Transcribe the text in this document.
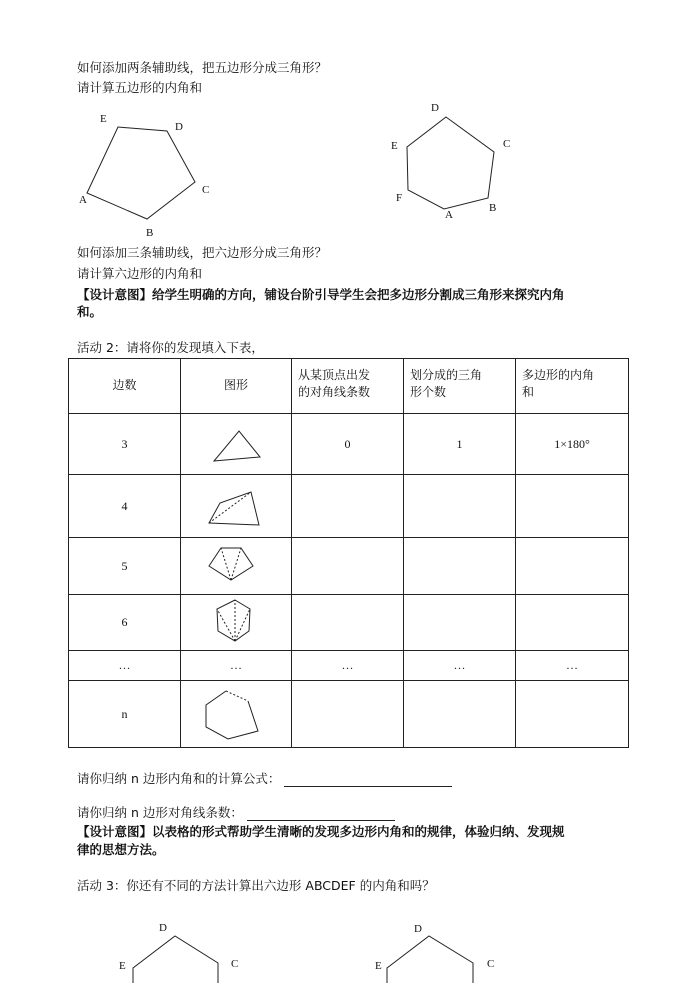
如何添加两条辅助线，把五边形分成三角形？
请计算五边形的内角和
E
D
C
A
B
D
C
E
F
A
B
如何添加三条辅助线，把六边形分成三角形？
请计算六边形的内角和
【设计意图】给学生明确的方向，铺设台阶引导学生会把多边形分割成三角形来探究内角
和。
活动 2：请将你的发现填入下表，
边数	图形	从某顶点出发
的对角线条数	划分成的三角
形个数	多边形的内角
和
3		0	1	1×180°
4				
5				
6				
…	…	…	…	…
n				
请你归纳 n 边形内角和的计算公式：
请你归纳 n 边形对角线条数：
【设计意图】以表格的形式帮助学生清晰的发现多边形内角和的规律，体验归纳、发现规
律的思想方法。
活动 3：你还有不同的方法计算出六边形 ABCDEF 的内角和吗？
D
E	C
D
E	C
